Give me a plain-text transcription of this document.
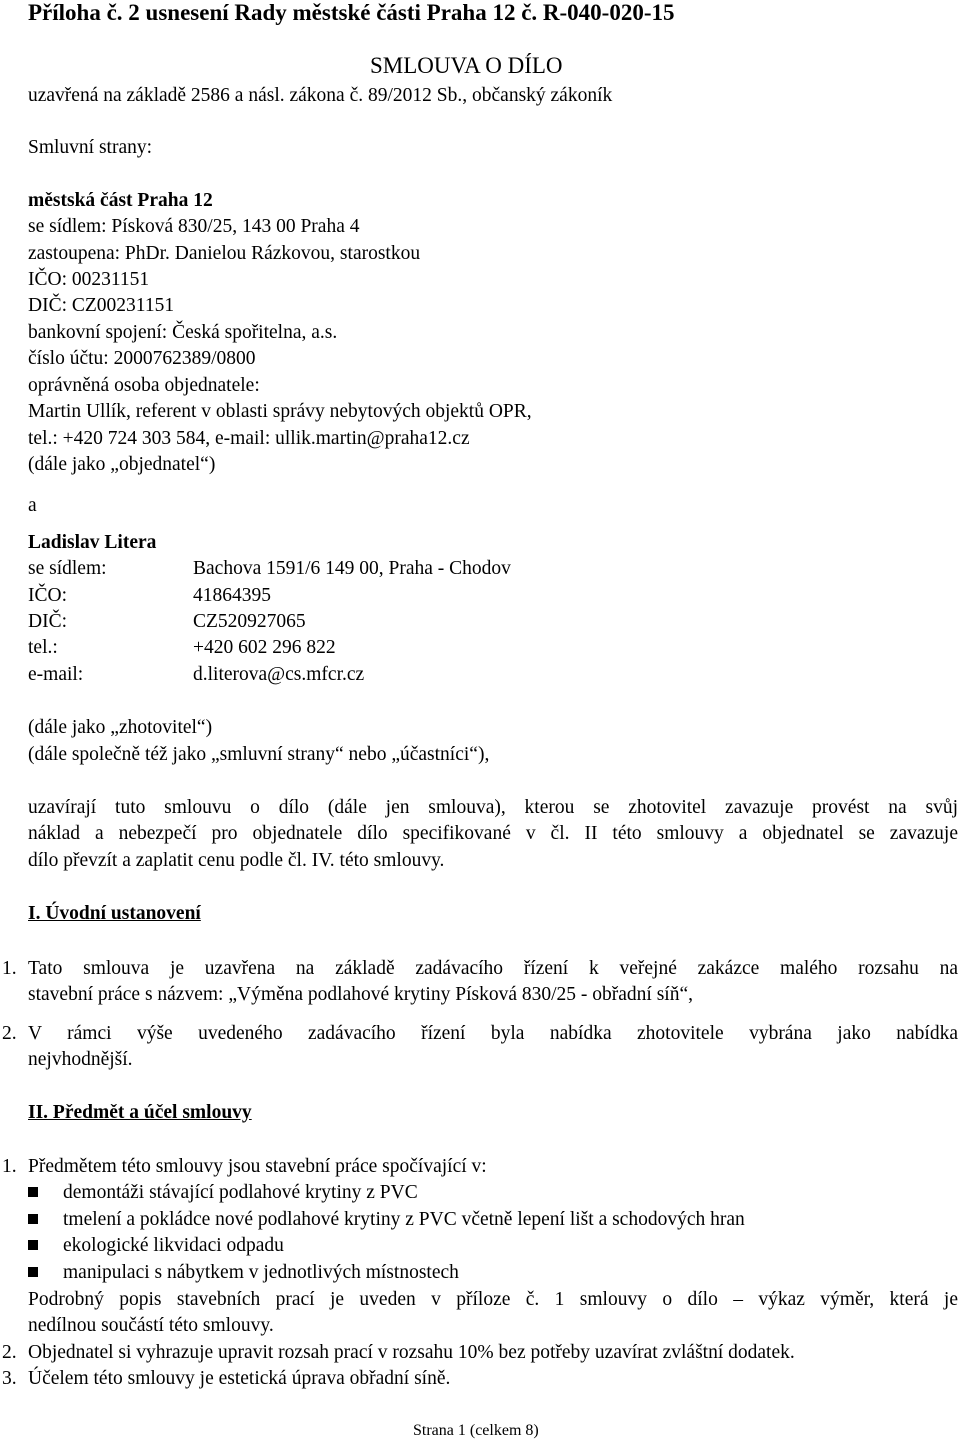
Příloha č. 2 usnesení Rady městské části Praha 12 č. R-040-020-15
SMLOUVA O DÍLO
uzavřená na základě 2586 a násl. zákona č. 89/2012 Sb., občanský zákoník
Smluvní strany:
městská část Praha 12
se sídlem: Písková 830/25, 143 00 Praha 4
zastoupena: PhDr. Danielou Rázkovou, starostkou
IČO: 00231151
DIČ: CZ00231151
bankovní spojení: Česká spořitelna, a.s.
číslo účtu: 2000762389/0800
oprávněná osoba objednatele:
Martin Ullík, referent v oblasti správy nebytových objektů OPR,
tel.: +420 724 303 584, e-mail: ullik.martin@praha12.cz
(dále jako „objednatel“)
a
Ladislav Litera
se sídlem:	Bachova 1591/6 149 00, Praha - Chodov
IČO:	41864395
DIČ:	CZ520927065
tel.:	+420 602 296 822
e-mail:	d.literova@cs.mfcr.cz
(dále jako „zhotovitel“)
(dále společně též jako „smluvní strany“ nebo „účastníci“),
uzavírají tuto smlouvu o dílo (dále jen smlouva), kterou se zhotovitel zavazuje provést na svůj
náklad a nebezpečí pro objednatele dílo specifikované v čl. II této smlouvy a objednatel se zavazuje
dílo převzít a zaplatit cenu podle čl. IV. této smlouvy.
I. Úvodní ustanovení
1. Tato smlouva je uzavřena na základě zadávacího řízení k veřejné zakázce malého rozsahu na
stavební práce s názvem: „Výměna podlahové krytiny Písková 830/25 - obřadní síň“,
2. V rámci výše uvedeného zadávacího řízení byla nabídka zhotovitele vybrána jako nabídka
nejvhodnější.
II. Předmět a účel smlouvy
1. Předmětem této smlouvy jsou stavební práce spočívající v:
demontáži stávající podlahové krytiny z PVC
tmelení a pokládce nové podlahové krytiny z PVC včetně lepení lišt a schodových hran
ekologické likvidaci odpadu
manipulaci s nábytkem v jednotlivých místnostech
Podrobný popis stavebních prací je uveden v příloze č. 1 smlouvy o dílo – výkaz výměr, která je
nedílnou součástí této smlouvy.
2. Objednatel si vyhrazuje upravit rozsah prací v rozsahu 10% bez potřeby uzavírat zvláštní dodatek.
3. Účelem této smlouvy je estetická úprava obřadní síně.
Strana 1 (celkem 8)
